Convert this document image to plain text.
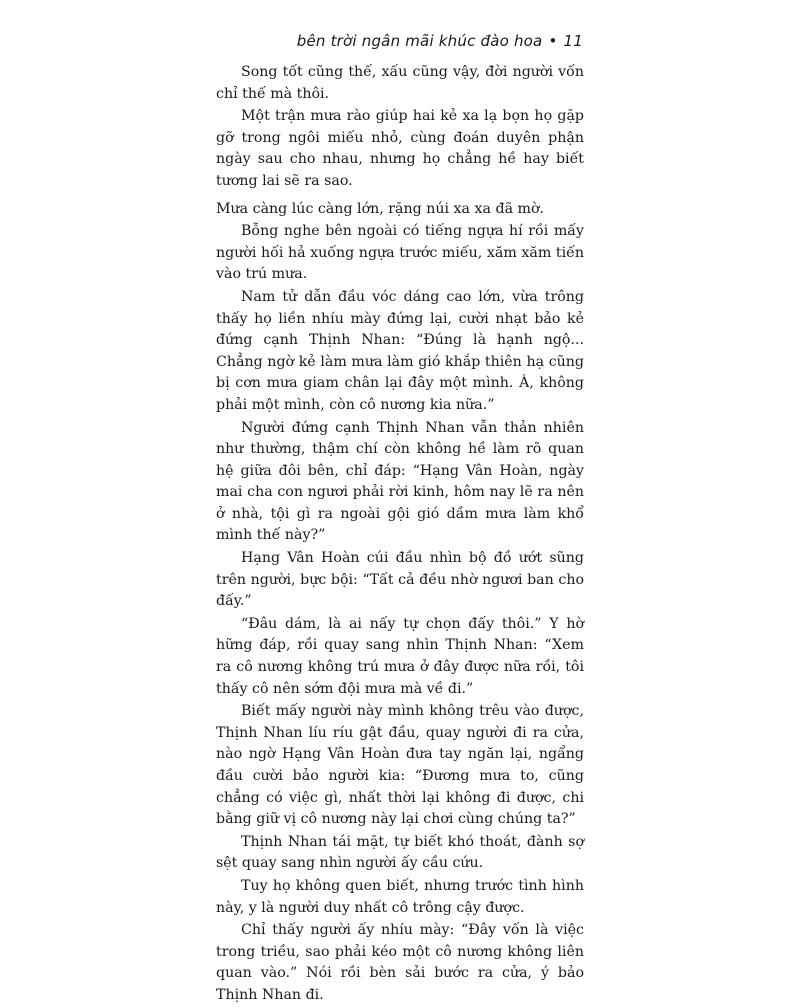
bên trời ngân mãi khúc đào hoa • 11

Song tốt cũng thế, xấu cũng vậy, đời người vốn chỉ thế mà thôi.

Một trận mưa rào giúp hai kẻ xa lạ bọn họ gặp gỡ trong ngôi miếu nhỏ, cùng đoán duyên phận ngày sau cho nhau, nhưng họ chẳng hề hay biết tương lai sẽ ra sao.

Mưa càng lúc càng lớn, rặng núi xa xa đã mờ.

Bỗng nghe bên ngoài có tiếng ngựa hí rồi mấy người hối hả xuống ngựa trước miếu, xăm xăm tiến vào trú mưa.

Nam tử dẫn đầu vóc dáng cao lớn, vừa trông thấy họ liền nhíu mày đứng lại, cười nhạt bảo kẻ đứng cạnh Thịnh Nhan: “Đúng là hạnh ngộ... Chẳng ngờ kẻ làm mưa làm gió khắp thiên hạ cũng bị cơn mưa giam chân lại đây một mình. À, không phải một mình, còn cô nương kia nữa.”

Người đứng cạnh Thịnh Nhan vẫn thản nhiên như thường, thậm chí còn không hề làm rõ quan hệ giữa đôi bên, chỉ đáp: “Hạng Vân Hoàn, ngày mai cha con ngươi phải rời kinh, hôm nay lẽ ra nên ở nhà, tội gì ra ngoài gội gió dầm mưa làm khổ mình thế này?”

Hạng Vân Hoàn cúi đầu nhìn bộ đồ ướt sũng trên người, bực bội: “Tất cả đều nhờ ngươi ban cho đấy.”

“Đâu dám, là ai nấy tự chọn đấy thôi.” Y hờ hững đáp, rồi quay sang nhìn Thịnh Nhan: “Xem ra cô nương không trú mưa ở đây được nữa rồi, tôi thấy cô nên sớm đội mưa mà về đi.”

Biết mấy người này mình không trêu vào được, Thịnh Nhan líu ríu gật đầu, quay người đi ra cửa, nào ngờ Hạng Vân Hoàn đưa tay ngăn lại, ngẩng đầu cười bảo người kia: “Đương mưa to, cũng chẳng có việc gì, nhất thời lại không đi được, chi bằng giữ vị cô nương này lại chơi cùng chúng ta?”

Thịnh Nhan tái mặt, tự biết khó thoát, đành sợ sệt quay sang nhìn người ấy cầu cứu.

Tuy họ không quen biết, nhưng trước tình hình này, y là người duy nhất cô trông cậy được.

Chỉ thấy người ấy nhíu mày: “Đây vốn là việc trong triều, sao phải kéo một cô nương không liên quan vào.” Nói rồi bèn sải bước ra cửa, ý bảo Thịnh Nhan đi.
